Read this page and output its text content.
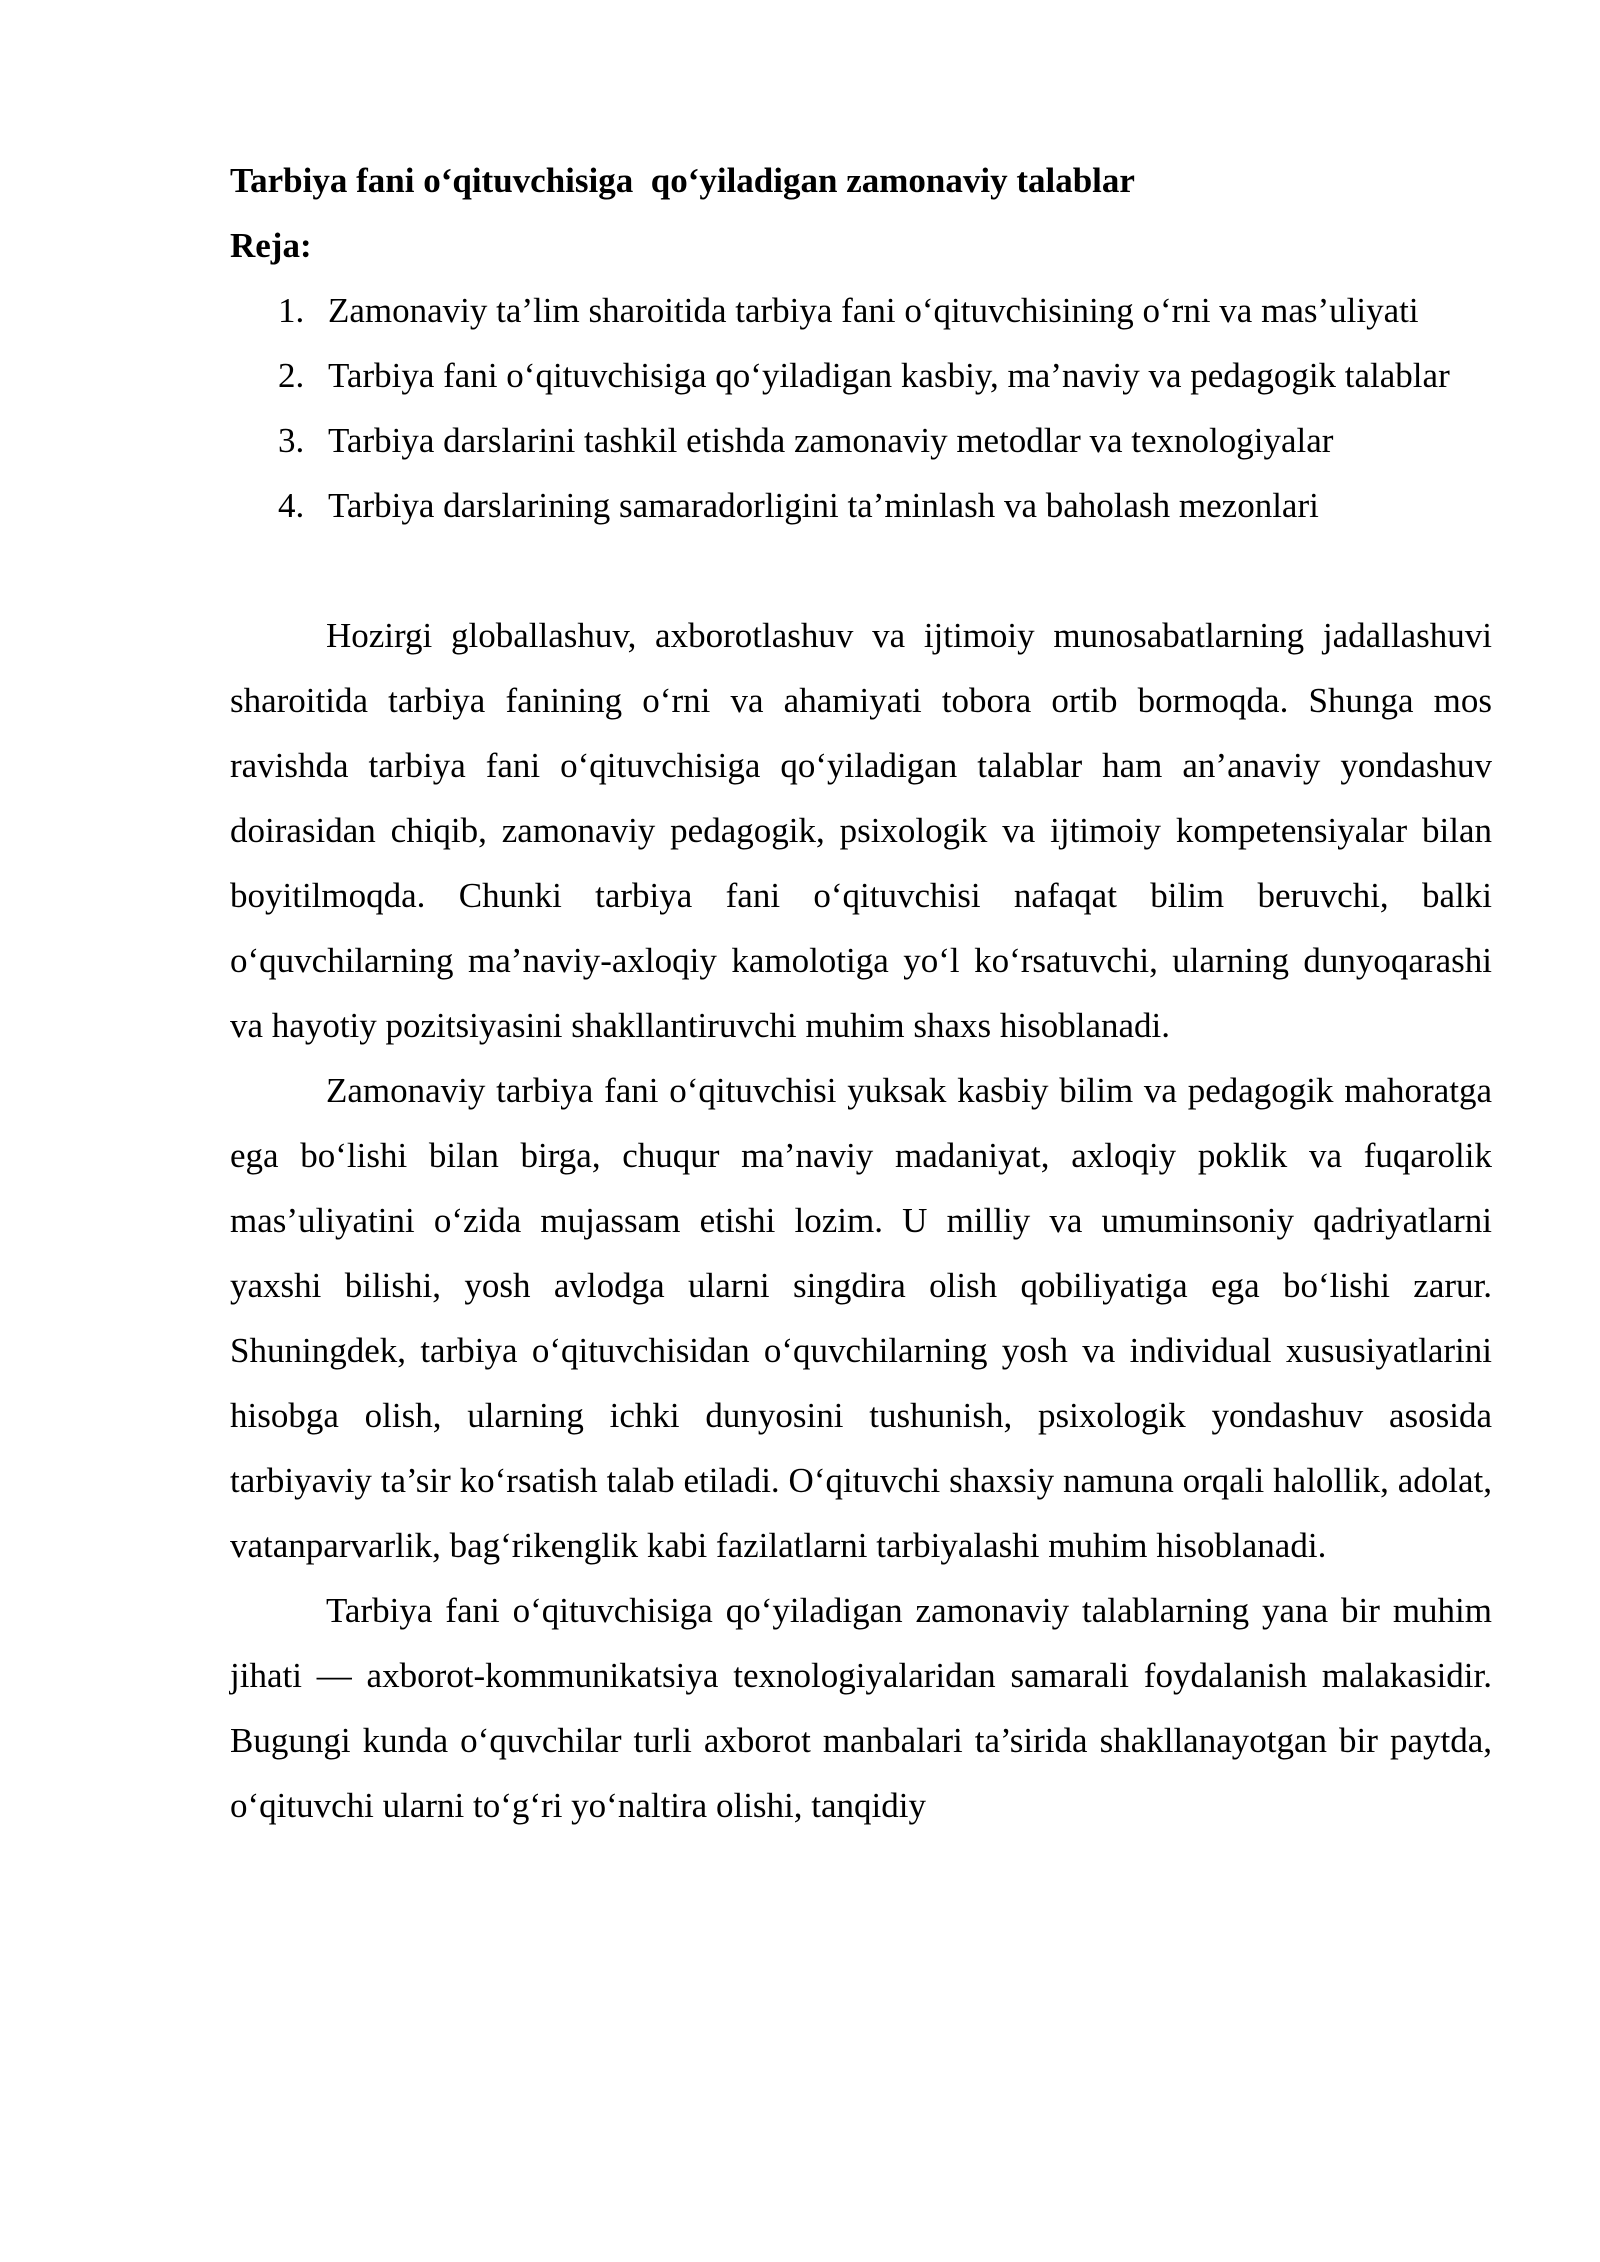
Tarbiya fani o‘qituvchisiga  qo‘yiladigan zamonaviy talablar

Reja:

1. Zamonaviy ta’lim sharoitida tarbiya fani o‘qituvchisining o‘rni va mas’uliyati
2. Tarbiya fani o‘qituvchisiga qo‘yiladigan kasbiy, ma’naviy va pedagogik talablar
3. Tarbiya darslarini tashkil etishda zamonaviy metodlar va texnologiyalar
4. Tarbiya darslarining samaradorligini ta’minlash va baholash mezonlari

Hozirgi globallashuv, axborotlashuv va ijtimoiy munosabatlarning jadallashuvi sharoitida tarbiya fanining o‘rni va ahamiyati tobora ortib bormoqda. Shunga mos ravishda tarbiya fani o‘qituvchisiga qo‘yiladigan talablar ham an’anaviy yondashuv doirasidan chiqib, zamonaviy pedagogik, psixologik va ijtimoiy kompetensiyalar bilan boyitilmoqda. Chunki tarbiya fani o‘qituvchisi nafaqat bilim beruvchi, balki o‘quvchilarning ma’naviy-axloqiy kamolotiga yo‘l ko‘rsatuvchi, ularning dunyoqarashi va hayotiy pozitsiyasini shakllantiruvchi muhim shaxs hisoblanadi.

Zamonaviy tarbiya fani o‘qituvchisi yuksak kasbiy bilim va pedagogik mahoratga ega bo‘lishi bilan birga, chuqur ma’naviy madaniyat, axloqiy poklik va fuqarolik mas’uliyatini o‘zida mujassam etishi lozim. U milliy va umuminsoniy qadriyatlarni yaxshi bilishi, yosh avlodga ularni singdira olish qobiliyatiga ega bo‘lishi zarur. Shuningdek, tarbiya o‘qituvchisidan o‘quvchilarning yosh va individual xususiyatlarini hisobga olish, ularning ichki dunyosini tushunish, psixologik yondashuv asosida tarbiyaviy ta’sir ko‘rsatish talab etiladi. O‘qituvchi shaxsiy namuna orqali halollik, adolat, vatanparvarlik, bag‘rikenglik kabi fazilatlarni tarbiyalashi muhim hisoblanadi.

Tarbiya fani o‘qituvchisiga qo‘yiladigan zamonaviy talablarning yana bir muhim jihati — axborot-kommunikatsiya texnologiyalaridan samarali foydalanish malakasidir. Bugungi kunda o‘quvchilar turli axborot manbalari ta’sirida shakllanayotgan bir paytda, o‘qituvchi ularni to‘g‘ri yo‘naltira olishi, tanqidiy
